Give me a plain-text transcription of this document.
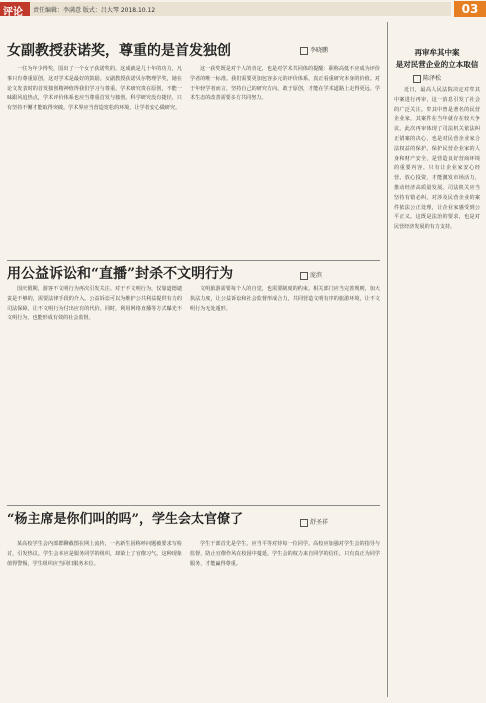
评论 责任编辑：李满意 版式：吕大琴 2018.10.12	03
女副教授获诺奖，尊重的是首发独创	李晓鹏
一往为年少得奖，国出了一个女子获诺奖的。这成就是几十年的功力，凡事只有尊重原创，这对学术是最好的鼓励。女副教授获诺贝尔物理学奖，她在论文发表时的首发独创精神值得我们学习与尊重。学术研究贵在原创，不能一味跟风追热点，学术评价体系也应当尊重首发与独创。科学研究没有捷径，只有坚持不懈才能取得突破。学术界应当营造宽松的环境，让学者安心做研究。
这一获奖既是对个人的肯定，也是对学术共同体的提醒：职称高低不应成为评价学者的唯一标准。我们需要更加包容多元的评价体系，真正看重研究本身的价值。对于年轻学者而言，坚持自己的研究方向、敢于原创，才能在学术道路上走得更远。学术生态的改善需要多方共同努力。
用公益诉讼和“直播”封杀不文明行为	庞滨
国庆假期，游客不文明行为再次引发关注。对于不文明行为，仅靠道德谴责是不够的，需要法律手段的介入。公益诉讼可以为维护公共利益提供有力的司法保障，让不文明行为付出应有的代价。同时，利用网络直播等方式曝光不文明行为，也能形成有效的社会监督。
文明旅游需要每个人的自觉，也需要制度的约束。相关部门应当完善规则，加大执法力度，让公益诉讼和社会监督形成合力，共同营造文明有序的旅游环境，让不文明行为无处遁形。
“杨主席是你们叫的吗”，学生会太官僚了	舒圣祥
某高校学生会内部群聊截图在网上流传，一名新生因称呼问题被要求写检讨，引发热议。学生会本应是服务同学的组织，却染上了官僚习气。这种现象值得警惕，学生组织应当回归服务本位。
学生干部首先是学生，应当平等对待每一位同学。高校应加强对学生会的指导与监督，防止官僚作风在校园中蔓延。学生会的权力来自同学的信任，只有真正为同学服务，才能赢得尊重。
再审牟其中案
是对民营企业的立本取信
陈泽松
近日，最高人民法院决定对牟其中案进行再审，这一消息引发了社会的广泛关注。牟其中曾是著名的民营企业家，其案件在当年就存在较大争议。此次再审体现了司法机关依法纠正错案的决心，也是对民营企业家合法权益的保护。保护民营企业家的人身和财产安全，是营造良好营商环境的重要内容。只有让企业家安心经营、放心投资，才能激发市场活力，推动经济高质量发展。司法机关应当坚持有错必纠，对涉及民营企业的案件依法公正处理，让企业家感受到公平正义。这既是法治的要求，也是对民营经济发展的有力支持。
